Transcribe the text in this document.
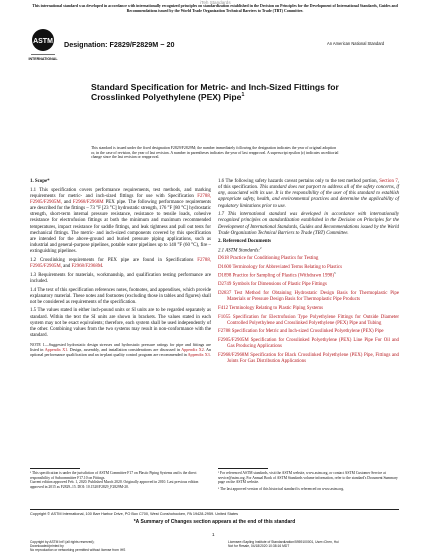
iTeh Standards
This international standard was developed in accordance with internationally recognized principles on standardization established in the Decision on Principles for the Development of International Standards, Guides and Recommendations issued by the World Trade Organization Technical Barriers to Trade (TBT) Committee.
ASTM
INTERNATIONAL
Designation: F2829/F2829M − 20	An American National Standard
Standard Specification for Metric- and Inch-Sized Fittings for Crosslinked Polyethylene (PEX) Pipe$^1$
This standard is issued under the fixed designation F2829/F2829M; the number immediately following the designation indicates the year of original adoption or, in the case of revision, the year of last revision. A number in parentheses indicates the year of last reapproval. A superscript epsilon (ε) indicates an editorial change since the last revision or reapproval.

1. Scope*

1.1 This specification covers performance requirements, test methods, and marking requirements for metric- and inch-sized fittings for use with Specification F2788, F2905/F2905M, and F2968/F2968M PEX pipe. The following performance requirements are described for the fittings – 73 °F [23 °C] hydrostatic strength, 176 °F [80 °C] hydrostatic strength, short-term internal pressure resistance, resistance to tensile loads, cohesive resistance for electrofusion fittings at both the minimum and maximum recommended temperatures, impact resistance for saddle fittings, and leak tightness and pull out tests for mechanical fittings. The metric- and inch-sized components covered by this specification are intended for the above-ground and buried pressure piping applications, such as industrial and general-purpose pipelines, potable water pipelines up to 140 °F (60 °C), fire – extinguishing pipelines.

1.2 Crosslinking requirements for PEX pipe are found in Specifications F2788, F2905/F2905M, and F2968/F2968M.

1.3 Requirements for materials, workmanship, and qualification testing performance are included.

1.4 The text of this specification references notes, footnotes, and appendixes, which provide explanatory material. These notes and footnotes (excluding those in tables and figures) shall not be considered as requirements of the specification.

1.5 The values stated in either inch-pound units or SI units are to be regarded separately as standard. Within the text the SI units are shown in brackets. The values stated in each system may not be exact equivalents; therefore, each system shall be used independently of the other. Combining values from the two systems may result in non-conformance with the standard.

NOTE 1—Suggested hydrostatic design stresses and hydrostatic pressure ratings for pipe and fittings are listed in Appendix X1. Design, assembly, and installation considerations are discussed in Appendix X2. An optional performance qualification and an in-plant quality control program are recommended in Appendix X3.

1.6 The following safety hazards caveat pertains only to the test method portion, Section 7, of this specification. This standard does not purport to address all of the safety concerns, if any, associated with its use. It is the responsibility of the user of this standard to establish appropriate safety, health, and environmental practices and determine the applicability of regulatory limitations prior to use.

1.7 This international standard was developed in accordance with internationally recognized principles on standardization established in the Decision on Principles for the Development of International Standards, Guides and Recommendations issued by the World Trade Organization Technical Barriers to Trade (TBT) Committee.

2. Referenced Documents

2.1 ASTM Standards:$^2$

D618 Practice for Conditioning Plastics for Testing

D1600 Terminology for Abbreviated Terms Relating to Plastics

D1898 Practice for Sampling of Plastics (Withdrawn 1998)$^3$

D2749 Symbols for Dimensions of Plastic Pipe Fittings

D2837 Test Method for Obtaining Hydrostatic Design Basis for Thermoplastic Pipe Materials or Pressure Design Basis for Thermoplastic Pipe Products

F412 Terminology Relating to Plastic Piping Systems

F1055 Specification for Electrofusion Type Polyethylene Fittings for Outside Diameter Controlled Polyethylene and Crosslinked Polyethylene (PEX) Pipe and Tubing

F2788 Specification for Metric and Inch-sized Crosslinked Polyethylene (PEX) Pipe

F2905/F2905M Specification for Crosslinked Polyethylene (PEX) Line Pipe For Oil and Gas Producing Applications

F2968/F2968M Specification for Black Crosslinked Polyethylene (PEX) Pipe, Fittings and Joints For Gas Distribution Applications

¹ This specification is under the jurisdiction of ASTM Committee F17 on Plastic Piping Systems and is the direct responsibility of Subcommittee F17.10 on Fittings.
Current edition approved Feb. 1, 2020. Published March 2020. Originally approved in 2010. Last previous edition approved in 2015 as F2829–15. DOI: 10.1520/F2829_F2829M-20.
² For referenced ASTM standards, visit the ASTM website, www.astm.org, or contact ASTM Customer Service at service@astm.org. For Annual Book of ASTM Standards volume information, refer to the standard's Document Summary page on the ASTM website.
³ The last approved version of this historical standard is referenced on www.astm.org.
Copyright © ASTM International, 100 Barr Harbor Drive, PO Box C700, West Conshohocken, PA 19428-2959. United States
*A Summary of Changes section appears at the end of this standard
1
Copyright by ASTM Int'l (all rights reserved);
Downloaded/printed by
No reproduction or networking permitted without license from IHS
Licensee=Sapling Institute of Standardization/5959100001, User=Chen, Hui
Not for Resale, 04/18/2020 10:38:16 MDT
